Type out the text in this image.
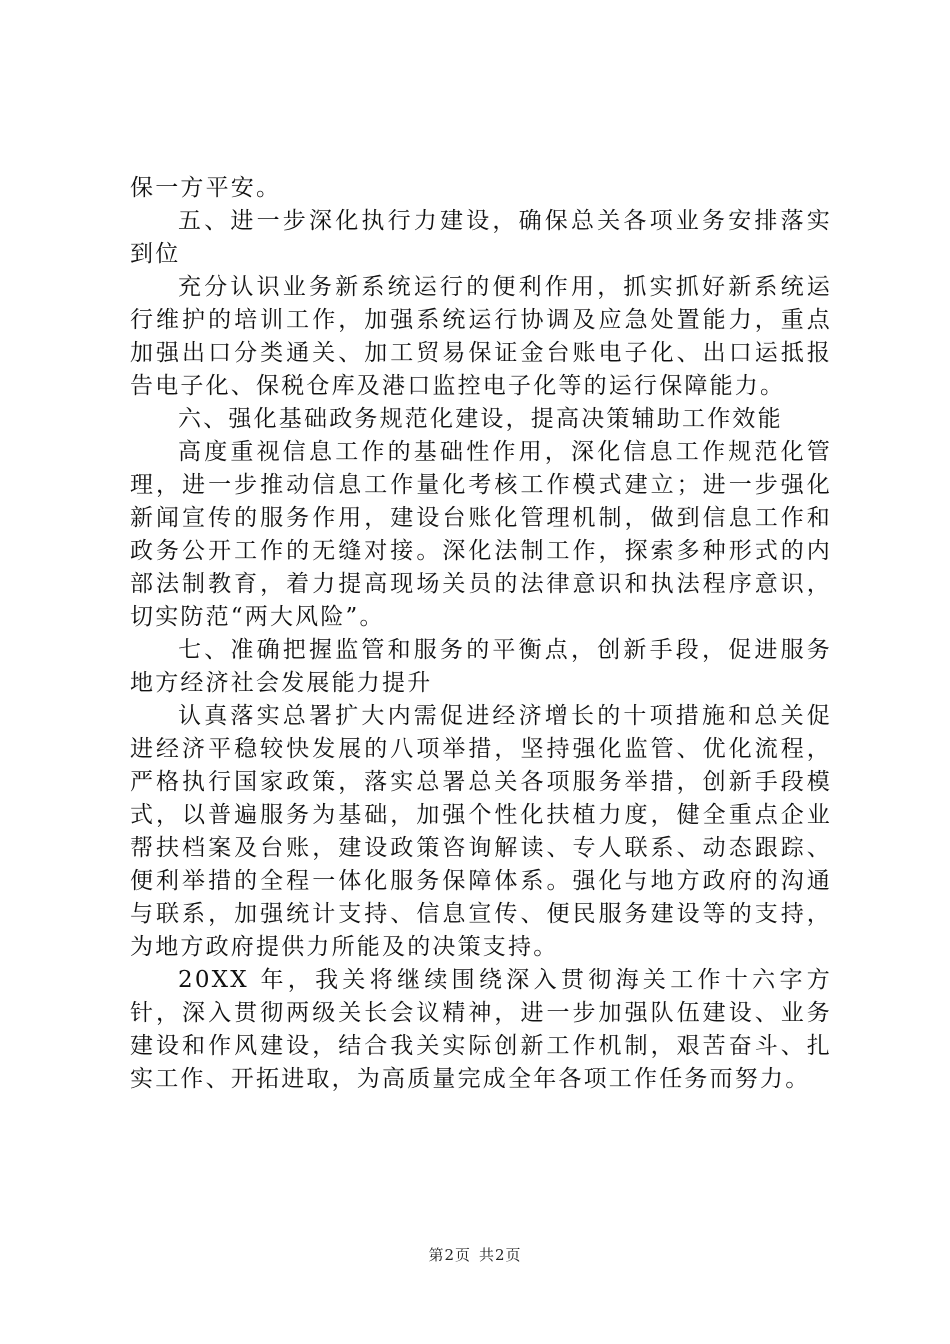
保一方平安。

五、进一步深化执行力建设，确保总关各项业务安排落实到位

充分认识业务新系统运行的便利作用，抓实抓好新系统运行维护的培训工作，加强系统运行协调及应急处置能力，重点加强出口分类通关、加工贸易保证金台账电子化、出口运抵报告电子化、保税仓库及港口监控电子化等的运行保障能力。

六、强化基础政务规范化建设，提高决策辅助工作效能

高度重视信息工作的基础性作用，深化信息工作规范化管理，进一步推动信息工作量化考核工作模式建立；进一步强化新闻宣传的服务作用，建设台账化管理机制，做到信息工作和政务公开工作的无缝对接。深化法制工作，探索多种形式的内部法制教育，着力提高现场关员的法律意识和执法程序意识，切实防范“两大风险”。

七、准确把握监管和服务的平衡点，创新手段，促进服务地方经济社会发展能力提升

认真落实总署扩大内需促进经济增长的十项措施和总关促进经济平稳较快发展的八项举措，坚持强化监管、优化流程，严格执行国家政策，落实总署总关各项服务举措，创新手段模式，以普遍服务为基础，加强个性化扶植力度，健全重点企业帮扶档案及台账，建设政策咨询解读、专人联系、动态跟踪、便利举措的全程一体化服务保障体系。强化与地方政府的沟通与联系，加强统计支持、信息宣传、便民服务建设等的支持，为地方政府提供力所能及的决策支持。

20XX 年，我关将继续围绕深入贯彻海关工作十六字方针，深入贯彻两级关长会议精神，进一步加强队伍建设、业务建设和作风建设，结合我关实际创新工作机制，艰苦奋斗、扎实工作、开拓进取，为高质量完成全年各项工作任务而努力。

第2页 共2页
